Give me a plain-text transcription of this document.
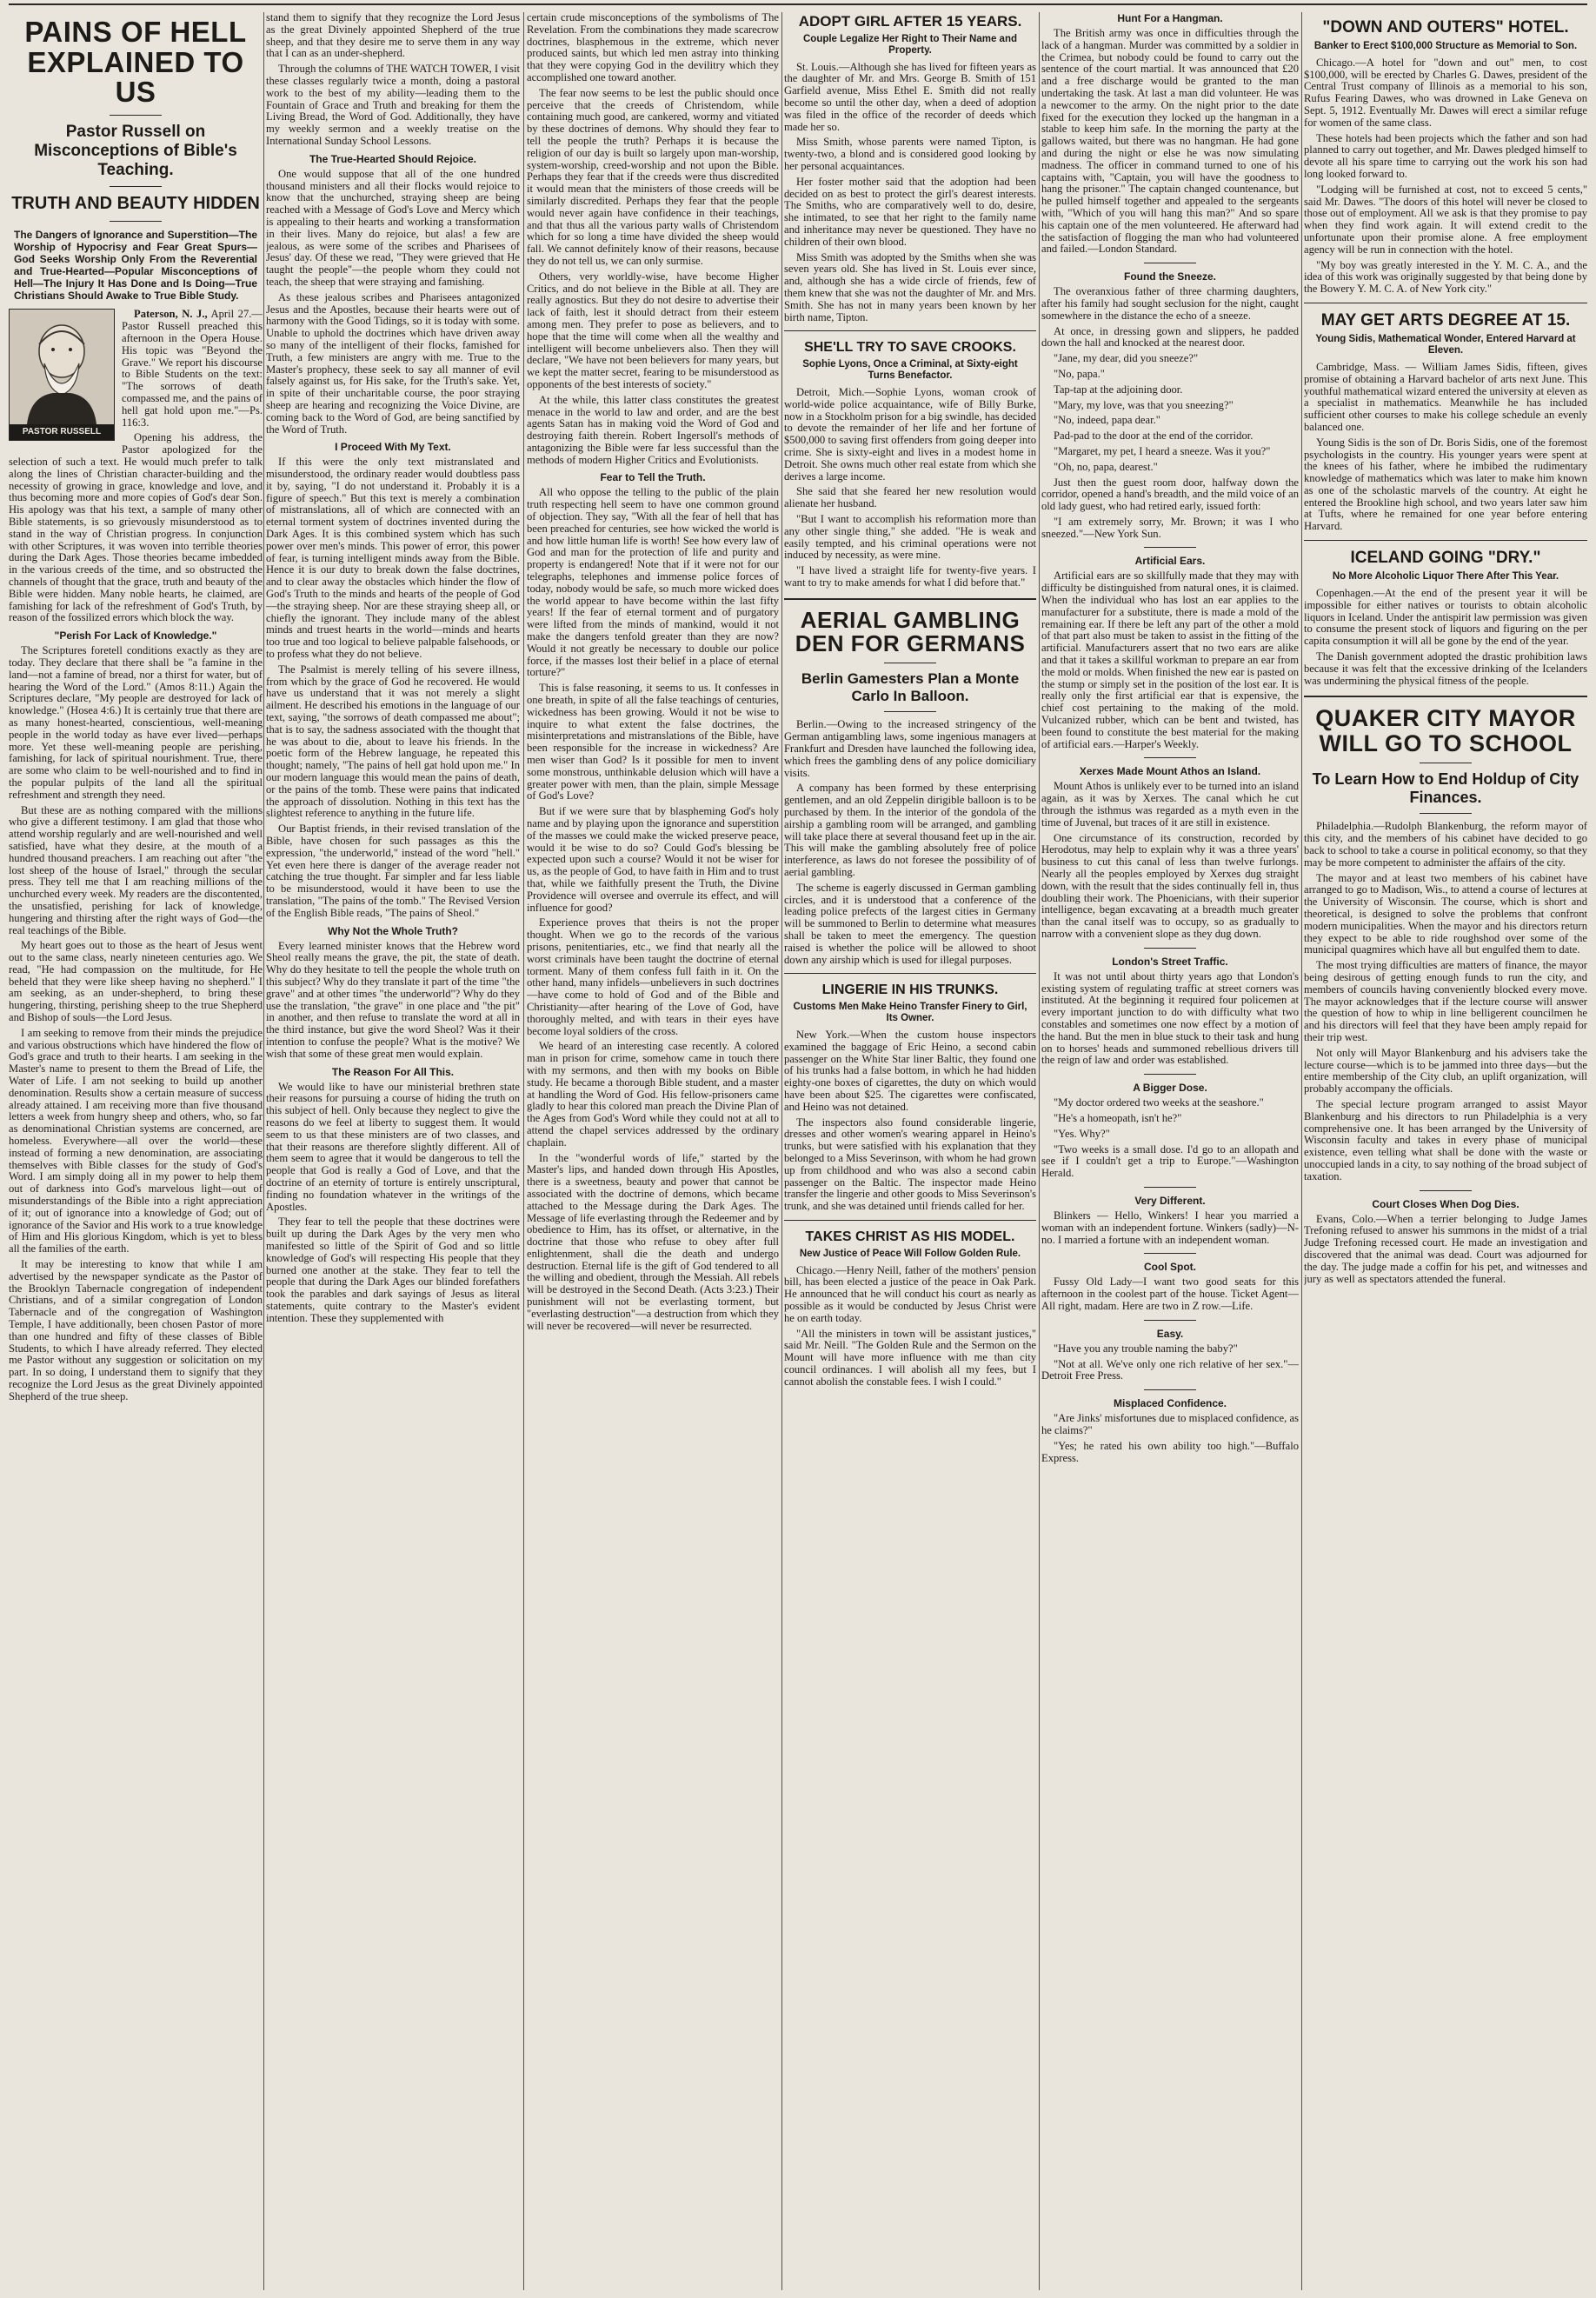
PAINS OF HELL EXPLAINED TO US
Pastor Russell on Misconceptions of Bible's Teaching.
TRUTH AND BEAUTY HIDDEN

The Dangers of Ignorance and Superstition—The Worship of Hypocrisy and Fear Great Spurs—God Seeks Worship Only From the Reverential and True-Hearted—Popular Misconceptions of Hell—The Injury It Has Done and Is Doing—True Christians Should Awake to True Bible Study.

PASTOR RUSSELL

Paterson, N. J., April 27.—Pastor Russell preached this afternoon in the Opera House. His topic was "Beyond the Grave." We report his discourse to Bible Students on the text: "The sorrows of death compassed me, and the pains of hell gat hold upon me."—Ps. 116:3.

Opening his address, the Pastor apologized for the selection of such a text. He would much prefer to talk along the lines of Christian character-building and the necessity of growing in grace, knowledge and love, and thus becoming more and more copies of God's dear Son. His apology was that his text, a sample of many other Bible statements, is so grievously misunderstood as to stand in the way of Christian progress. In conjunction with other Scriptures, it was woven into terrible theories during the Dark Ages. Those theories became imbedded in the various creeds of the time, and so obstructed the channels of thought that the grace, truth and beauty of the Bible were hidden. Many noble hearts, he claimed, are famishing for lack of the refreshment of God's Truth, by reason of the fossilized errors which block the way.

"Perish For Lack of Knowledge."

The Scriptures foretell conditions exactly as they are today. They declare that there shall be "a famine in the land—not a famine of bread, nor a thirst for water, but of hearing the Word of the Lord." (Amos 8:11.) Again the Scriptures declare, "My people are destroyed for lack of knowledge." (Hosea 4:6.) It is certainly true that there are as many honest-hearted, conscientious, well-meaning people in the world today as have ever lived—perhaps more. Yet these well-meaning people are perishing, famishing, for lack of spiritual nourishment. True, there are some who claim to be well-nourished and to find in the popular pulpits of the land all the spiritual refreshment and strength they need.

But these are as nothing compared with the millions who give a different testimony. I am glad that those who attend worship regularly and are well-nourished and well satisfied, have what they desire, at the mouth of a hundred thousand preachers. I am reaching out after "the lost sheep of the house of Israel," through the secular press. They tell me that I am reaching millions of the unchurched every week. My readers are the discontented, the unsatisfied, perishing for lack of knowledge, hungering and thirsting after the right ways of God—the real teachings of the Bible.

My heart goes out to those as the heart of Jesus went out to the same class, nearly nineteen centuries ago. We read, "He had compassion on the multitude, for He beheld that they were like sheep having no shepherd." I am seeking, as an under-shepherd, to bring these hungering, thirsting, perishing sheep to the true Shepherd and Bishop of souls—the Lord Jesus.

I am seeking to remove from their minds the prejudice and various obstructions which have hindered the flow of God's grace and truth to their hearts. I am seeking in the Master's name to present to them the Bread of Life, the Water of Life. I am not seeking to build up another denomination. Results show a certain measure of success already attained. I am receiving more than five thousand letters a week from hungry sheep and others, who, so far as denominational Christian systems are concerned, are homeless. Everywhere—all over the world—these instead of forming a new denomination, are associating themselves with Bible classes for the study of God's Word. I am simply doing all in my power to help them out of darkness into God's marvelous light—out of misunderstandings of the Bible into a right appreciation of it; out of ignorance into a knowledge of God; out of ignorance of the Savior and His work to a true knowledge of Him and His glorious Kingdom, which is yet to bless all the families of the earth.

It may be interesting to know that while I am advertised by the newspaper syndicate as the Pastor of the Brooklyn Tabernacle congregation of independent Christians, and of a similar congregation of London Tabernacle and of the congregation of Washington Temple, I have additionally, been chosen Pastor of more than one hundred and fifty of these classes of Bible Students, to which I have already referred. They elected me Pastor without any suggestion or solicitation on my part. In so doing, I understand them to signify that they recognize the Lord Jesus as the great Divinely appointed Shepherd of the true sheep.

stand them to signify that they recognize the Lord Jesus as the great Divinely appointed Shepherd of the true sheep, and that they desire me to serve them in any way that I can as an under-shepherd.

Through the columns of THE WATCH TOWER, I visit these classes regularly twice a month, doing a pastoral work to the best of my ability—leading them to the Fountain of Grace and Truth and breaking for them the Living Bread, the Word of God. Additionally, they have my weekly sermon and a weekly treatise on the International Sunday School Lessons.

The True-Hearted Should Rejoice.

One would suppose that all of the one hundred thousand ministers and all their flocks would rejoice to know that the unchurched, straying sheep are being reached with a Message of God's Love and Mercy which is appealing to their hearts and working a transformation in their lives. Many do rejoice, but alas! a few are jealous, as were some of the scribes and Pharisees of Jesus' day. Of these we read, "They were grieved that He taught the people"—the people whom they could not teach, the sheep that were straying and famishing.

As these jealous scribes and Pharisees antagonized Jesus and the Apostles, because their hearts were out of harmony with the Good Tidings, so it is today with some. Unable to uphold the doctrines which have driven away so many of the intelligent of their flocks, famished for Truth, a few ministers are angry with me. True to the Master's prophecy, these seek to say all manner of evil falsely against us, for His sake, for the Truth's sake. Yet, in spite of their uncharitable course, the poor straying sheep are hearing and recognizing the Voice Divine, are coming back to the Word of God, are being sanctified by the Word of Truth.

I Proceed With My Text.

If this were the only text mistranslated and misunderstood, the ordinary reader would doubtless pass it by, saying, "I do not understand it. Probably it is a figure of speech." But this text is merely a combination of mistranslations, all of which are connected with an eternal torment system of doctrines invented during the Dark Ages. It is this combined system which has such power over men's minds. This power of error, this power of fear, is turning intelligent minds away from the Bible. Hence it is our duty to break down the false doctrines, and to clear away the obstacles which hinder the flow of God's Truth to the minds and hearts of the people of God—the straying sheep. Nor are these straying sheep all, or chiefly the ignorant. They include many of the ablest minds and truest hearts in the world—minds and hearts too true and too logical to believe palpable falsehoods, or to profess what they do not believe.

The Psalmist is merely telling of his severe illness, from which by the grace of God he recovered. He would have us understand that it was not merely a slight ailment. He described his emotions in the language of our text, saying, "the sorrows of death compassed me about"; that is to say, the sadness associated with the thought that he was about to die, about to leave his friends. In the poetic form of the Hebrew language, he repeated this thought; namely, "The pains of hell gat hold upon me." In our modern language this would mean the pains of death, or the pains of the tomb. These were pains that indicated the approach of dissolution. Nothing in this text has the slightest reference to anything in the future life.

Our Baptist friends, in their revised translation of the Bible, have chosen for such passages as this the expression, "the underworld," instead of the word "hell." Yet even here there is danger of the average reader not catching the true thought. Far simpler and far less liable to be misunderstood, would it have been to use the translation, "The pains of the tomb." The Revised Version of the English Bible reads, "The pains of Sheol."

Why Not the Whole Truth?

Every learned minister knows that the Hebrew word Sheol really means the grave, the pit, the state of death. Why do they hesitate to tell the people the whole truth on this subject? Why do they translate it part of the time "the grave" and at other times "the underworld"? Why do they use the translation, "the grave" in one place and "the pit" in another, and then refuse to translate the word at all in the third instance, but give the word Sheol? Was it their intention to confuse the people? What is the motive? We wish that some of these great men would explain.

The Reason For All This.

We would like to have our ministerial brethren state their reasons for pursuing a course of hiding the truth on this subject of hell. Only because they neglect to give the reasons do we feel at liberty to suggest them. It would seem to us that these ministers are of two classes, and that their reasons are therefore slightly different. All of them seem to agree that it would be dangerous to tell the people that God is really a God of Love, and that the doctrine of an eternity of torture is entirely unscriptural, finding no foundation whatever in the writings of the Apostles.

They fear to tell the people that these doctrines were built up during the Dark Ages by the very men who manifested so little of the Spirit of God and so little knowledge of God's will respecting His people that they burned one another at the stake. They fear to tell the people that during the Dark Ages our blinded forefathers took the parables and dark sayings of Jesus as literal statements, quite contrary to the Master's evident intention. These they supplemented with

certain crude misconceptions of the symbolisms of The Revelation. From the combinations they made scarecrow doctrines, blasphemous in the extreme, which never produced saints, but which led men astray into thinking that they were copying God in the devilitry which they accomplished one toward another.

The fear now seems to be lest the public should once perceive that the creeds of Christendom, while containing much good, are cankered, wormy and vitiated by these doctrines of demons. Why should they fear to tell the people the truth? Perhaps it is because the religion of our day is built so largely upon man-worship, system-worship, creed-worship and not upon the Bible. Perhaps they fear that if the creeds were thus discredited it would mean that the ministers of those creeds will be similarly discredited. Perhaps they fear that the people would never again have confidence in their teachings, and that thus all the various party walls of Christendom which for so long a time have divided the sheep would fall. We cannot definitely know of their reasons, because they do not tell us, we can only surmise.

Others, very worldly-wise, have become Higher Critics, and do not believe in the Bible at all. They are really agnostics. But they do not desire to advertise their lack of faith, lest it should detract from their esteem among men. They prefer to pose as believers, and to hope that the time will come when all the wealthy and intelligent will become unbelievers also. Then they will declare, "We have not been believers for many years, but we kept the matter secret, fearing to be misunderstood as opponents of the best interests of society."

At the while, this latter class constitutes the greatest menace in the world to law and order, and are the best agents Satan has in making void the Word of God and destroying faith therein. Robert Ingersoll's methods of antagonizing the Bible were far less successful than the methods of modern Higher Critics and Evolutionists.

Fear to Tell the Truth.

All who oppose the telling to the public of the plain truth respecting hell seem to have one common ground of objection. They say, "With all the fear of hell that has been preached for centuries, see how wicked the world is and how little human life is worth! See how every law of God and man for the protection of life and purity and property is endangered! Note that if it were not for our telegraphs, telephones and immense police forces of today, nobody would be safe, so much more wicked does the world appear to have become within the last fifty years! If the fear of eternal torment and of purgatory were lifted from the minds of mankind, would it not make the dangers tenfold greater than they are now? Would it not greatly be necessary to double our police force, if the masses lost their belief in a place of eternal torture?"

This is false reasoning, it seems to us. It confesses in one breath, in spite of all the false teachings of centuries, wickedness has been growing. Would it not be wise to inquire to what extent the false doctrines, the misinterpretations and mistranslations of the Bible, have been responsible for the increase in wickedness? Are men wiser than God? Is it possible for men to invent some monstrous, unthinkable delusion which will have a greater power with men, than the plain, simple Message of God's Love?

But if we were sure that by blaspheming God's holy name and by playing upon the ignorance and superstition of the masses we could make the wicked preserve peace, would it be wise to do so? Could God's blessing be expected upon such a course? Would it not be wiser for us, as the people of God, to have faith in Him and to trust that, while we faithfully present the Truth, the Divine Providence will oversee and overrule its effect, and will influence for good?

Experience proves that theirs is not the proper thought. When we go to the records of the various prisons, penitentiaries, etc., we find that nearly all the worst criminals have been taught the doctrine of eternal torment. Many of them confess full faith in it. On the other hand, many infidels—unbelievers in such doctrines—have come to hold of God and of the Bible and Christianity—after hearing of the Love of God, have thoroughly melted, and with tears in their eyes have become loyal soldiers of the cross.

We heard of an interesting case recently. A colored man in prison for crime, somehow came in touch there with my sermons, and then with my books on Bible study. He became a thorough Bible student, and a master at handling the Word of God. His fellow-prisoners came gladly to hear this colored man preach the Divine Plan of the Ages from God's Word while they could not at all to attend the chapel services addressed by the ordinary chaplain.

In the "wonderful words of life," started by the Master's lips, and handed down through His Apostles, there is a sweetness, beauty and power that cannot be associated with the doctrine of demons, which became attached to the Message during the Dark Ages. The Message of life everlasting through the Redeemer and by obedience to Him, has its offset, or alternative, in the doctrine that those who refuse to obey after full enlightenment, shall die the death and undergo destruction. Eternal life is the gift of God tendered to all the willing and obedient, through the Messiah. All rebels will be destroyed in the Second Death. (Acts 3:23.) Their punishment will not be everlasting torment, but "everlasting destruction"—a destruction from which they will never be recovered—will never be resurrected.

ADOPT GIRL AFTER 15 YEARS.

Couple Legalize Her Right to Their Name and Property.

St. Louis.—Although she has lived for fifteen years as the daughter of Mr. and Mrs. George B. Smith of 151 Garfield avenue, Miss Ethel E. Smith did not really become so until the other day, when a deed of adoption was filed in the office of the recorder of deeds which made her so.

Miss Smith, whose parents were named Tipton, is twenty-two, a blond and is considered good looking by her personal acquaintances.

Her foster mother said that the adoption had been decided on as best to protect the girl's dearest interests. The Smiths, who are comparatively well to do, desire, she intimated, to see that her right to the family name and inheritance may never be questioned. They have no children of their own blood.

Miss Smith was adopted by the Smiths when she was seven years old. She has lived in St. Louis ever since, and, although she has a wide circle of friends, few of them knew that she was not the daughter of Mr. and Mrs. Smith. She has not in many years been known by her birth name, Tipton.

SHE'LL TRY TO SAVE CROOKS.

Sophie Lyons, Once a Criminal, at Sixty-eight Turns Benefactor.

Detroit, Mich.—Sophie Lyons, woman crook of world-wide police acquaintance, wife of Billy Burke, now in a Stockholm prison for a big swindle, has decided to devote the remainder of her life and her fortune of $500,000 to saving first offenders from going deeper into crime. She is sixty-eight and lives in a modest home in Detroit. She owns much other real estate from which she derives a large income.

She said that she feared her new resolution would alienate her husband.

"But I want to accomplish his reformation more than any other single thing," she added. "He is weak and easily tempted, and his criminal operations were not induced by necessity, as were mine.

"I have lived a straight life for twenty-five years. I want to try to make amends for what I did before that."

AERIAL GAMBLING DEN FOR GERMANS

Berlin Gamesters Plan a Monte Carlo In Balloon.

Berlin.—Owing to the increased stringency of the German antigambling laws, some ingenious managers at Frankfurt and Dresden have launched the following idea, which frees the gambling dens of any police domiciliary visits.

A company has been formed by these enterprising gentlemen, and an old Zeppelin dirigible balloon is to be purchased by them. In the interior of the gondola of the airship a gambling room will be arranged, and gambling will take place there at several thousand feet up in the air. This will make the gambling absolutely free of police interference, as laws do not foresee the possibility of of aerial gambling.

The scheme is eagerly discussed in German gambling circles, and it is understood that a conference of the leading police prefects of the largest cities in Germany will be summoned to Berlin to determine what measures shall be taken to meet the emergency. The question raised is whether the police will be allowed to shoot down any airship which is used for illegal purposes.

LINGERIE IN HIS TRUNKS.

Customs Men Make Heino Transfer Finery to Girl, Its Owner.

New York.—When the custom house inspectors examined the baggage of Eric Heino, a second cabin passenger on the White Star liner Baltic, they found one of his trunks had a false bottom, in which he had hidden eighty-one boxes of cigarettes, the duty on which would have been about $25. The cigarettes were confiscated, and Heino was not detained.

The inspectors also found considerable lingerie, dresses and other women's wearing apparel in Heino's trunks, but were satisfied with his explanation that they belonged to a Miss Severinson, with whom he had grown up from childhood and who was also a second cabin passenger on the Baltic. The inspector made Heino transfer the lingerie and other goods to Miss Severinson's trunk, and she was detained until friends called for her.

TAKES CHRIST AS HIS MODEL.

New Justice of Peace Will Follow Golden Rule.

Chicago.—Henry Neill, father of the mothers' pension bill, has been elected a justice of the peace in Oak Park. He announced that he will conduct his court as nearly as possible as it would be conducted by Jesus Christ were he on earth today.

"All the ministers in town will be assistant justices," said Mr. Neill. "The Golden Rule and the Sermon on the Mount will have more influence with me than city council ordinances. I will abolish all my fees, but I cannot abolish the constable fees. I wish I could."

Hunt For a Hangman.

The British army was once in difficulties through the lack of a hangman. Murder was committed by a soldier in the Crimea, but nobody could be found to carry out the sentence of the court martial. It was announced that £20 and a free discharge would be granted to the man undertaking the task. At last a man did volunteer. He was a newcomer to the army. On the night prior to the date fixed for the execution they locked up the hangman in a stable to keep him safe. In the morning the party at the gallows waited, but there was no hangman. He had gone and during the night or else he was now simulating madness. The officer in command turned to one of his captains with, "Captain, you will have the goodness to hang the prisoner." The captain changed countenance, but he pulled himself together and appealed to the sergeants with, "Which of you will hang this man?" And so spare his captain one of the men volunteered. He afterward had the satisfaction of flogging the man who had volunteered and failed.—London Standard.

Found the Sneeze.

The overanxious father of three charming daughters, after his family had sought seclusion for the night, caught somewhere in the distance the echo of a sneeze.

At once, in dressing gown and slippers, he padded down the hall and knocked at the nearest door.

"Jane, my dear, did you sneeze?"

"No, papa."

Tap-tap at the adjoining door.

"Mary, my love, was that you sneezing?"

"No, indeed, papa dear."

Pad-pad to the door at the end of the corridor.

"Margaret, my pet, I heard a sneeze. Was it you?"

"Oh, no, papa, dearest."

Just then the guest room door, halfway down the corridor, opened a hand's breadth, and the mild voice of an old lady guest, who had retired early, issued forth:

"I am extremely sorry, Mr. Brown; it was I who sneezed."—New York Sun.

Artificial Ears.

Artificial ears are so skillfully made that they may with difficulty be distinguished from natural ones, it is claimed. When the individual who has lost an ear applies to the manufacturer for a substitute, there is made a mold of the remaining ear. If there be left any part of the other a mold of that part also must be taken to assist in the fitting of the artificial. Manufacturers assert that no two ears are alike and that it takes a skillful workman to prepare an ear from the mold or molds. When finished the new ear is pasted on the stump or simply set in the position of the lost ear. It is really only the first artificial ear that is expensive, the chief cost pertaining to the making of the mold. Vulcanized rubber, which can be bent and twisted, has been found to constitute the best material for the making of artificial ears.—Harper's Weekly.

Xerxes Made Mount Athos an Island.

Mount Athos is unlikely ever to be turned into an island again, as it was by Xerxes. The canal which he cut through the isthmus was regarded as a myth even in the time of Juvenal, but traces of it are still in existence.

One circumstance of its construction, recorded by Herodotus, may help to explain why it was a three years' business to cut this canal of less than twelve furlongs. Nearly all the peoples employed by Xerxes dug straight down, with the result that the sides continually fell in, thus doubling their work. The Phoenicians, with their superior intelligence, began excavating at a breadth much greater than the canal itself was to occupy, so as gradually to narrow with a convenient slope as they dug down.

London's Street Traffic.

It was not until about thirty years ago that London's existing system of regulating traffic at street corners was instituted. At the beginning it required four policemen at every important junction to do with difficulty what two constables and sometimes one now effect by a motion of the hand. But the men in blue stuck to their task and hung on to horses' heads and summoned rebellious drivers till the reign of law and order was established.

A Bigger Dose.

"My doctor ordered two weeks at the seashore."

"He's a homeopath, isn't he?"

"Yes. Why?"

"Two weeks is a small dose. I'd go to an allopath and see if I couldn't get a trip to Europe."—Washington Herald.

Very Different.

Blinkers — Hello, Winkers! I hear you married a woman with an independent fortune. Winkers (sadly)—N-no. I married a fortune with an independent woman.

Cool Spot.

Fussy Old Lady—I want two good seats for this afternoon in the coolest part of the house. Ticket Agent—All right, madam. Here are two in Z row.—Life.

Easy.

"Have you any trouble naming the baby?"

"Not at all. We've only one rich relative of her sex."—Detroit Free Press.

Misplaced Confidence.

"Are Jinks' misfortunes due to misplaced confidence, as he claims?"

"Yes; he rated his own ability too high."—Buffalo Express.

"DOWN AND OUTERS" HOTEL.

Banker to Erect $100,000 Structure as Memorial to Son.

Chicago.—A hotel for "down and out" men, to cost $100,000, will be erected by Charles G. Dawes, president of the Central Trust company of Illinois as a memorial to his son, Rufus Fearing Dawes, who was drowned in Lake Geneva on Sept. 5, 1912. Eventually Mr. Dawes will erect a similar refuge for women of the same class.

These hotels had been projects which the father and son had planned to carry out together, and Mr. Dawes pledged himself to devote all his spare time to carrying out the work his son had long looked forward to.

"Lodging will be furnished at cost, not to exceed 5 cents," said Mr. Dawes. "The doors of this hotel will never be closed to those out of employment. All we ask is that they promise to pay when they find work again. It will extend credit to the unfortunate upon their promise alone. A free employment agency will be run in connection with the hotel.

"My boy was greatly interested in the Y. M. C. A., and the idea of this work was originally suggested by that being done by the Bowery Y. M. C. A. of New York city."

MAY GET ARTS DEGREE AT 15.

Young Sidis, Mathematical Wonder, Entered Harvard at Eleven.

Cambridge, Mass. — William James Sidis, fifteen, gives promise of obtaining a Harvard bachelor of arts next June. This youthful mathematical wizard entered the university at eleven as a specialist in mathematics. Meanwhile he has included sufficient other courses to make his college schedule an evenly balanced one.

Young Sidis is the son of Dr. Boris Sidis, one of the foremost psychologists in the country. His younger years were spent at the knees of his father, where he imbibed the rudimentary knowledge of mathematics which was later to make him known as one of the scholastic marvels of the country. At eight he entered the Brookline high school, and two years later saw him at Tufts, where he remained for one year before entering Harvard.

ICELAND GOING "DRY."

No More Alcoholic Liquor There After This Year.

Copenhagen.—At the end of the present year it will be impossible for either natives or tourists to obtain alcoholic liquors in Iceland. Under the antispirit law permission was given to consume the present stock of liquors and figuring on the per capita consumption it will all be gone by the end of the year.

The Danish government adopted the drastic prohibition laws because it was felt that the excessive drinking of the Icelanders was undermining the physical fitness of the people.

QUAKER CITY MAYOR WILL GO TO SCHOOL

To Learn How to End Holdup of City Finances.

Philadelphia.—Rudolph Blankenburg, the reform mayor of this city, and the members of his cabinet have decided to go back to school to take a course in political economy, so that they may be more competent to administer the affairs of the city.

The mayor and at least two members of his cabinet have arranged to go to Madison, Wis., to attend a course of lectures at the University of Wisconsin. The course, which is short and theoretical, is designed to solve the problems that confront modern municipalities. When the mayor and his directors return they expect to be able to ride roughshod over some of the municipal quagmires which have all but engulfed them to date.

The most trying difficulties are matters of finance, the mayor being desirous of getting enough funds to run the city, and members of councils having conveniently blocked every move. The mayor acknowledges that if the lecture course will answer the question of how to whip in line belligerent councilmen he and his directors will feel that they have been amply repaid for their trip west.

Not only will Mayor Blankenburg and his advisers take the lecture course—which is to be jammed into three days—but the entire membership of the City club, an uplift organization, will probably accompany the officials.

The special lecture program arranged to assist Mayor Blankenburg and his directors to run Philadelphia is a very comprehensive one. It has been arranged by the University of Wisconsin faculty and takes in every phase of municipal existence, even telling what shall be done with the waste or unoccupied lands in a city, to say nothing of the broad subject of taxation.

Court Closes When Dog Dies.

Evans, Colo.—When a terrier belonging to Judge James Trefoning refused to answer his summons in the midst of a trial Judge Trefoning recessed court. He made an investigation and discovered that the animal was dead. Court was adjourned for the day. The judge made a coffin for his pet, and witnesses and jury as well as spectators attended the funeral.
